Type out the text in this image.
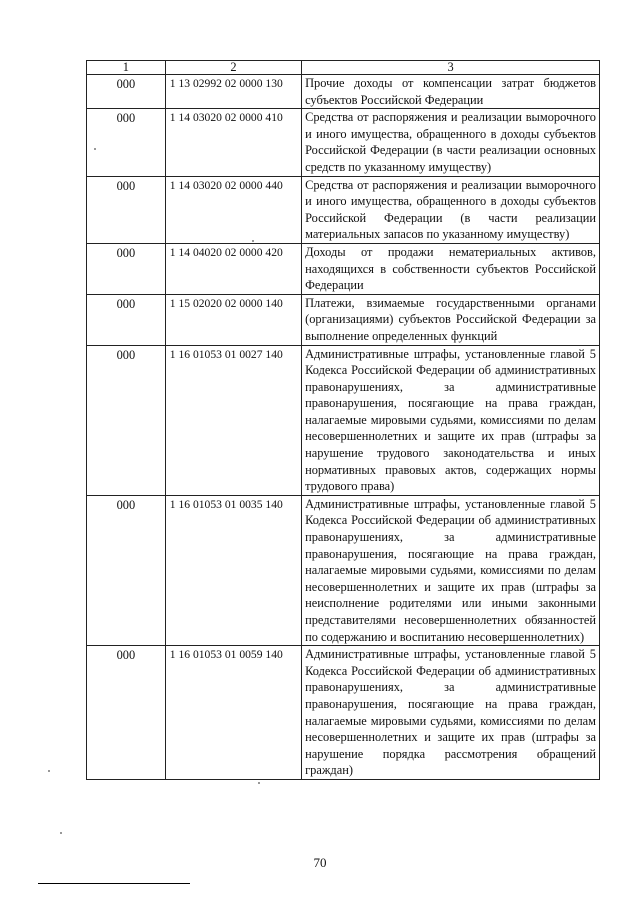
1	2	3
000	1 13 02992 02 0000 130	Прочие доходы от компенсации затрат бюджетов субъектов Российской Федерации
000	1 14 03020 02 0000 410	Средства от распоряжения и реализации выморочного и иного имущества, обращенного в доходы субъектов Российской Федерации (в части реализации основных средств по указанному имуществу)
000	1 14 03020 02 0000 440	Средства от распоряжения и реализации выморочного и иного имущества, обращенного в доходы субъектов Российской Федерации (в части реализации материальных запасов по указанному имуществу)
000	1 14 04020 02 0000 420	Доходы от продажи нематериальных активов, находящихся в собственности субъектов Российской Федерации
000	1 15 02020 02 0000 140	Платежи, взимаемые государственными органами (организациями) субъектов Российской Федерации за выполнение определенных функций
000	1 16 01053 01 0027 140	Административные штрафы, установленные главой 5 Кодекса Российской Федерации об административных правонарушениях, за административные правонарушения, посягающие на права граждан, налагаемые мировыми судьями, комиссиями по делам несовершеннолетних и защите их прав (штрафы за нарушение трудового законодательства и иных нормативных правовых актов, содержащих нормы трудового права)
000	1 16 01053 01 0035 140	Административные штрафы, установленные главой 5 Кодекса Российской Федерации об административных правонарушениях, за административные правонарушения, посягающие на права граждан, налагаемые мировыми судьями, комиссиями по делам несовершеннолетних и защите их прав (штрафы за неисполнение родителями или иными законными представителями несовершеннолетних обязанностей по содержанию и воспитанию несовершеннолетних)
000	1 16 01053 01 0059 140	Административные штрафы, установленные главой 5 Кодекса Российской Федерации об административных правонарушениях, за административные правонарушения, посягающие на права граждан, налагаемые мировыми судьями, комиссиями по делам несовершеннолетних и защите их прав (штрафы за нарушение порядка рассмотрения обращений граждан)
70
